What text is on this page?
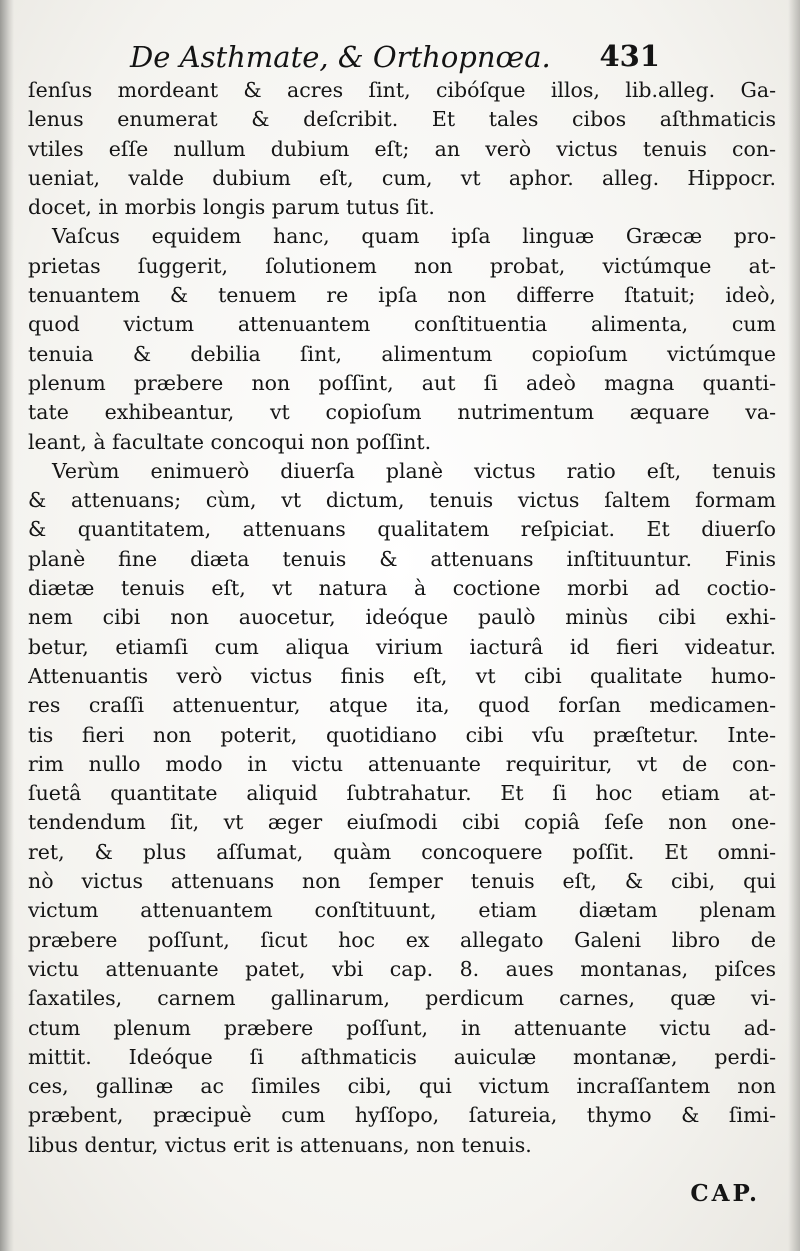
De Asthmate, & Orthopnœa. 431
ſenſus mordeant & acres ſint, cibóſque illos, lib.alleg. Ga-
lenus enumerat & deſcribit. Et tales cibos aſthmaticis
vtiles eſſe nullum dubium eſt; an verò victus tenuis con-
ueniat, valde dubium eſt, cum, vt aphor. alleg. Hippocr.
docet, in morbis longis parum tutus ſit.
Vaſcus equidem hanc, quam ipſa linguæ Græcæ pro-
prietas ſuggerit, ſolutionem non probat, victúmque at-
tenuantem & tenuem re ipſa non differre ſtatuit; ideò,
quod victum attenuantem conſtituentia alimenta, cum
tenuia & debilia ſint, alimentum copioſum victúmque
plenum præbere non poſſint, aut ſi adeò magna quanti-
tate exhibeantur, vt copioſum nutrimentum æquare va-
leant, à facultate concoqui non poſſint.
Verùm enimuerò diuerſa planè victus ratio eſt, tenuis
& attenuans; cùm, vt dictum, tenuis victus ſaltem formam
& quantitatem, attenuans qualitatem reſpiciat. Et diuerſo
planè fine diæta tenuis & attenuans inſtituuntur. Finis
diætæ tenuis eſt, vt natura à coctione morbi ad coctio-
nem cibi non auocetur, ideóque paulò minùs cibi exhi-
betur, etiamſi cum aliqua virium iacturâ id fieri videatur.
Attenuantis verò victus finis eſt, vt cibi qualitate humo-
res craſſi attenuentur, atque ita, quod forſan medicamen-
tis fieri non poterit, quotidiano cibi vſu præſtetur. Inte-
rim nullo modo in victu attenuante requiritur, vt de con-
ſuetâ quantitate aliquid ſubtrahatur. Et ſi hoc etiam at-
tendendum ſit, vt æger eiuſmodi cibi copiâ ſeſe non one-
ret, & plus aſſumat, quàm concoquere poſſit. Et omni-
nò victus attenuans non ſemper tenuis eſt, & cibi, qui
victum attenuantem conſtituunt, etiam diætam plenam
præbere poſſunt, ſicut hoc ex allegato Galeni libro de
victu attenuante patet, vbi cap. 8. aues montanas, piſces
ſaxatiles, carnem gallinarum, perdicum carnes, quæ vi-
ctum plenum præbere poſſunt, in attenuante victu ad-
mittit. Ideóque ſi aſthmaticis auiculæ montanæ, perdi-
ces, gallinæ ac ſimiles cibi, qui victum incraſſantem non
præbent, præcipuè cum hyſſopo, ſatureia, thymo & ſimi-
libus dentur, victus erit is attenuans, non tenuis.
CAP.
